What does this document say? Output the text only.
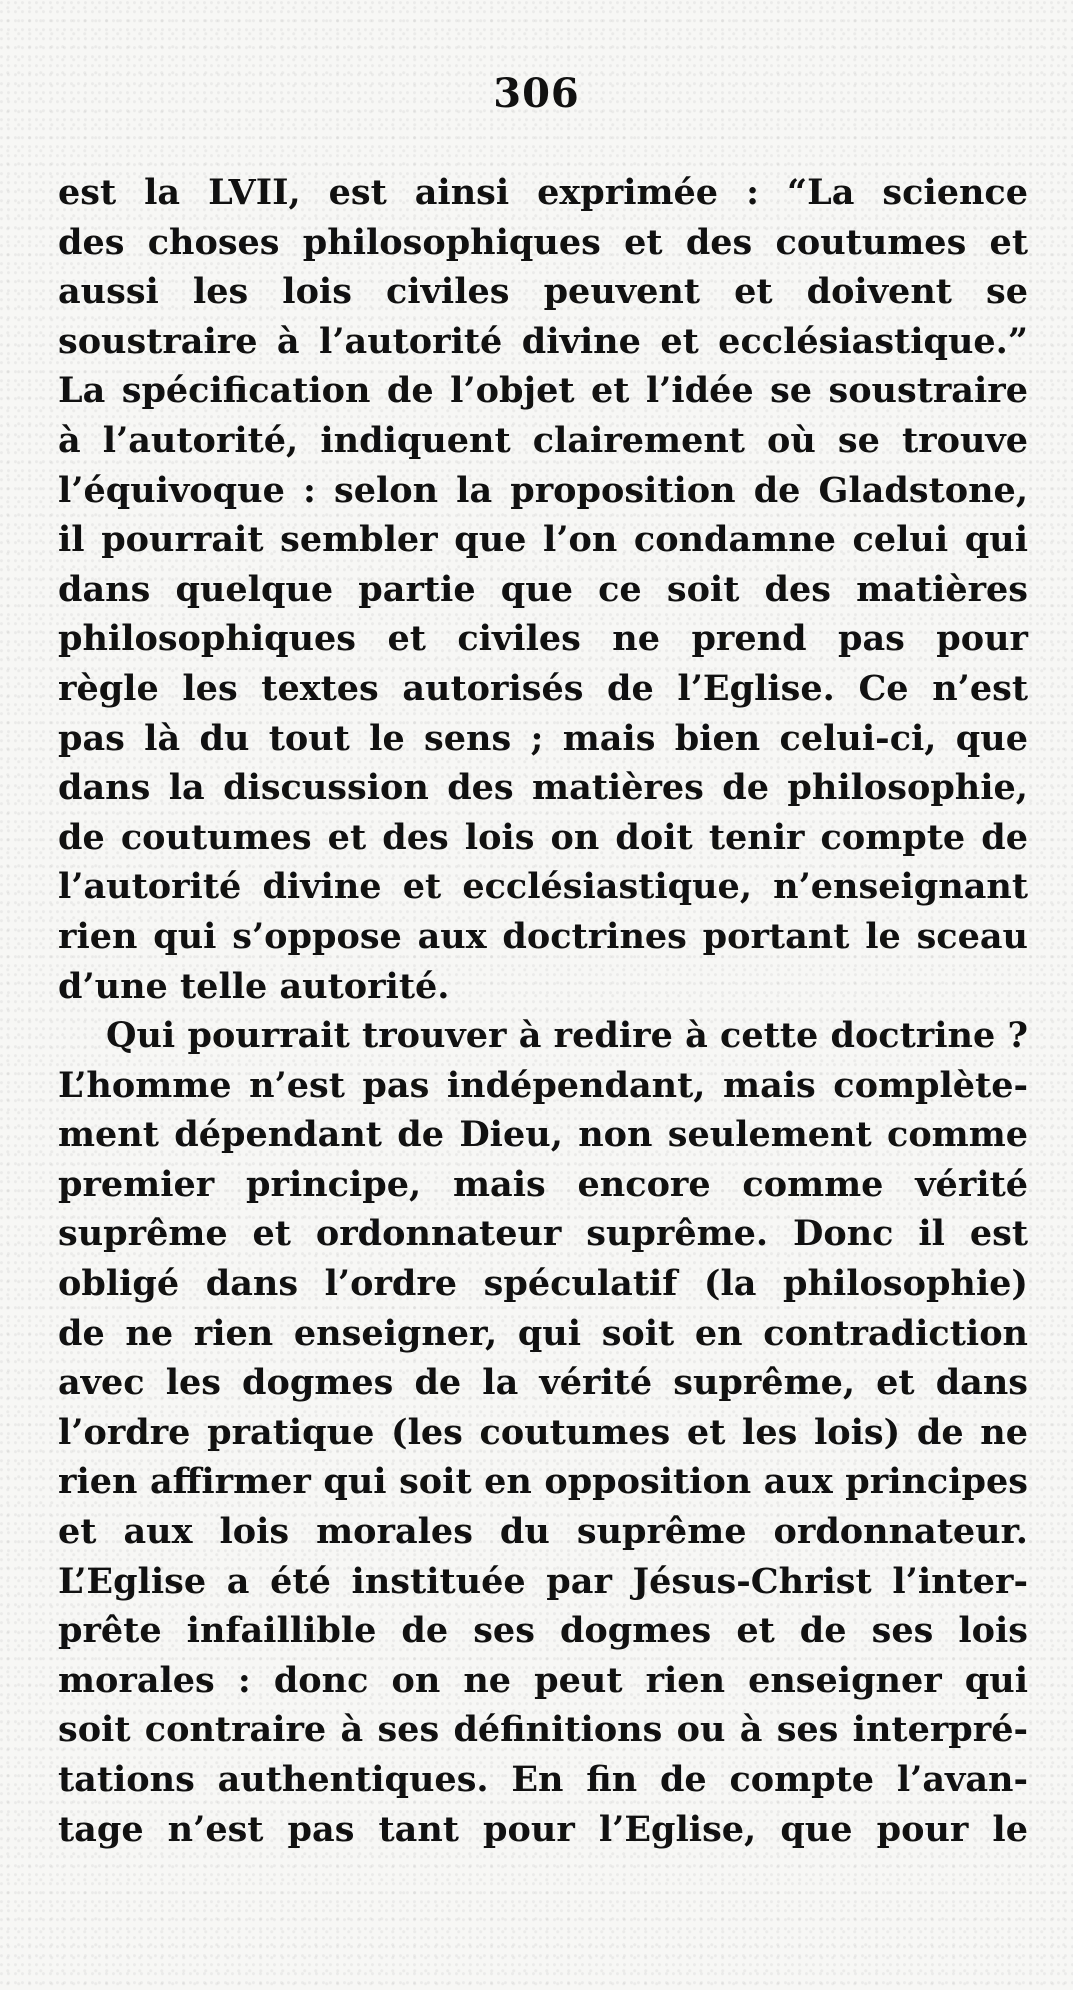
306
est la LVII, est ainsi exprimée : “La science
des choses philosophiques et des coutumes et
aussi les lois civiles peuvent et doivent se
soustraire à l’autorité divine et ecclésiastique.”
La spécification de l’objet et l’idée se soustraire
à l’autorité, indiquent clairement où se trouve
l’équivoque : selon la proposition de Gladstone,
il pourrait sembler que l’on condamne celui qui
dans quelque partie que ce soit des matières
philosophiques et civiles ne prend pas pour
règle les textes autorisés de l’Eglise. Ce n’est
pas là du tout le sens ; mais bien celui-ci, que
dans la discussion des matières de philosophie,
de coutumes et des lois on doit tenir compte de
l’autorité divine et ecclésiastique, n’enseignant
rien qui s’oppose aux doctrines portant le sceau
d’une telle autorité.
Qui pourrait trouver à redire à cette doctrine ?
L’homme n’est pas indépendant, mais complète-
ment dépendant de Dieu, non seulement comme
premier principe, mais encore comme vérité
suprême et ordonnateur suprême. Donc il est
obligé dans l’ordre spéculatif (la philosophie)
de ne rien enseigner, qui soit en contradiction
avec les dogmes de la vérité suprême, et dans
l’ordre pratique (les coutumes et les lois) de ne
rien affirmer qui soit en opposition aux principes
et aux lois morales du suprême ordonnateur.
L’Eglise a été instituée par Jésus-Christ l’inter-
prête infaillible de ses dogmes et de ses lois
morales : donc on ne peut rien enseigner qui
soit contraire à ses définitions ou à ses interpré-
tations authentiques. En fin de compte l’avan-
tage n’est pas tant pour l’Eglise, que pour le
